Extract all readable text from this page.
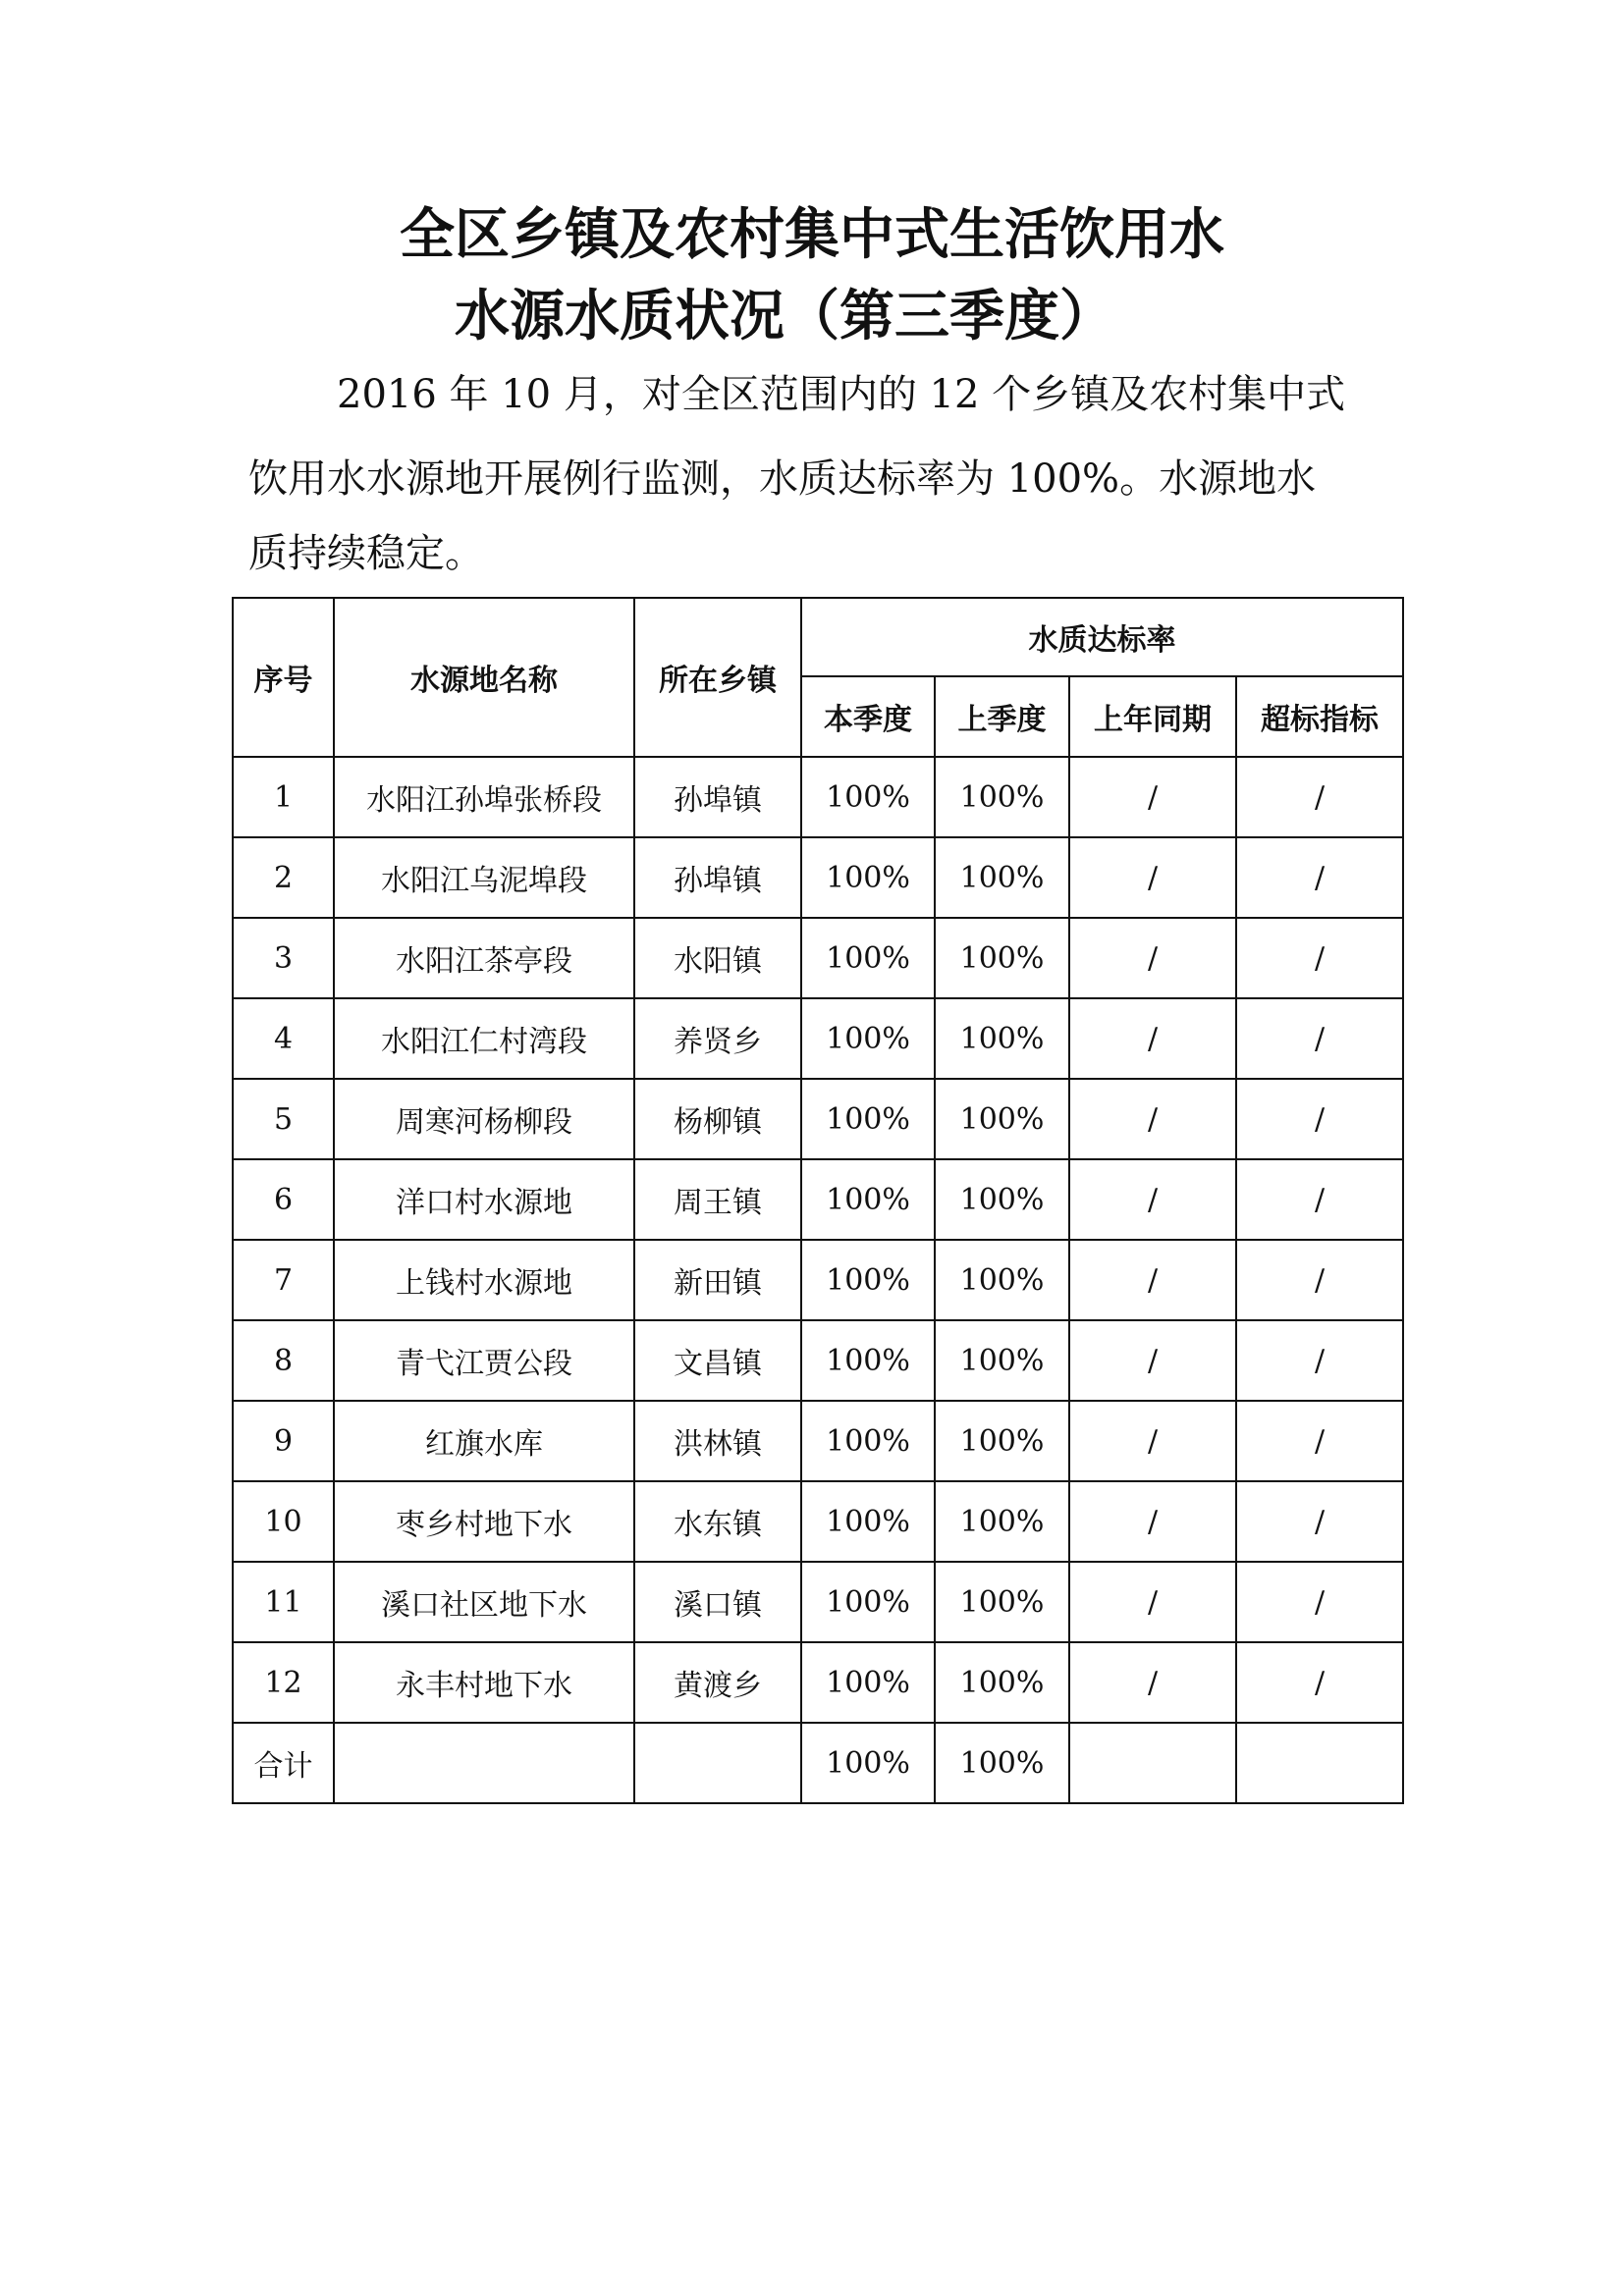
全区乡镇及农村集中式生活饮用水
水源水质状况（第三季度）

2016 年 10 月，对全区范围内的 12 个乡镇及农村集中式

饮用水水源地开展例行监测，水质达标率为 100%。水源地水

质持续稳定。

序号	水源地名称	所在乡镇	水质达标率			
			本季度	上季度	上年同期	超标指标
1	水阳江孙埠张桥段	孙埠镇	100%	100%	/	/
2	水阳江乌泥埠段	孙埠镇	100%	100%	/	/
3	水阳江茶亭段	水阳镇	100%	100%	/	/
4	水阳江仁村湾段	养贤乡	100%	100%	/	/
5	周寒河杨柳段	杨柳镇	100%	100%	/	/
6	洋口村水源地	周王镇	100%	100%	/	/
7	上钱村水源地	新田镇	100%	100%	/	/
8	青弋江贾公段	文昌镇	100%	100%	/	/
9	红旗水库	洪林镇	100%	100%	/	/
10	枣乡村地下水	水东镇	100%	100%	/	/
11	溪口社区地下水	溪口镇	100%	100%	/	/
12	永丰村地下水	黄渡乡	100%	100%	/	/
合计			100%	100%		
